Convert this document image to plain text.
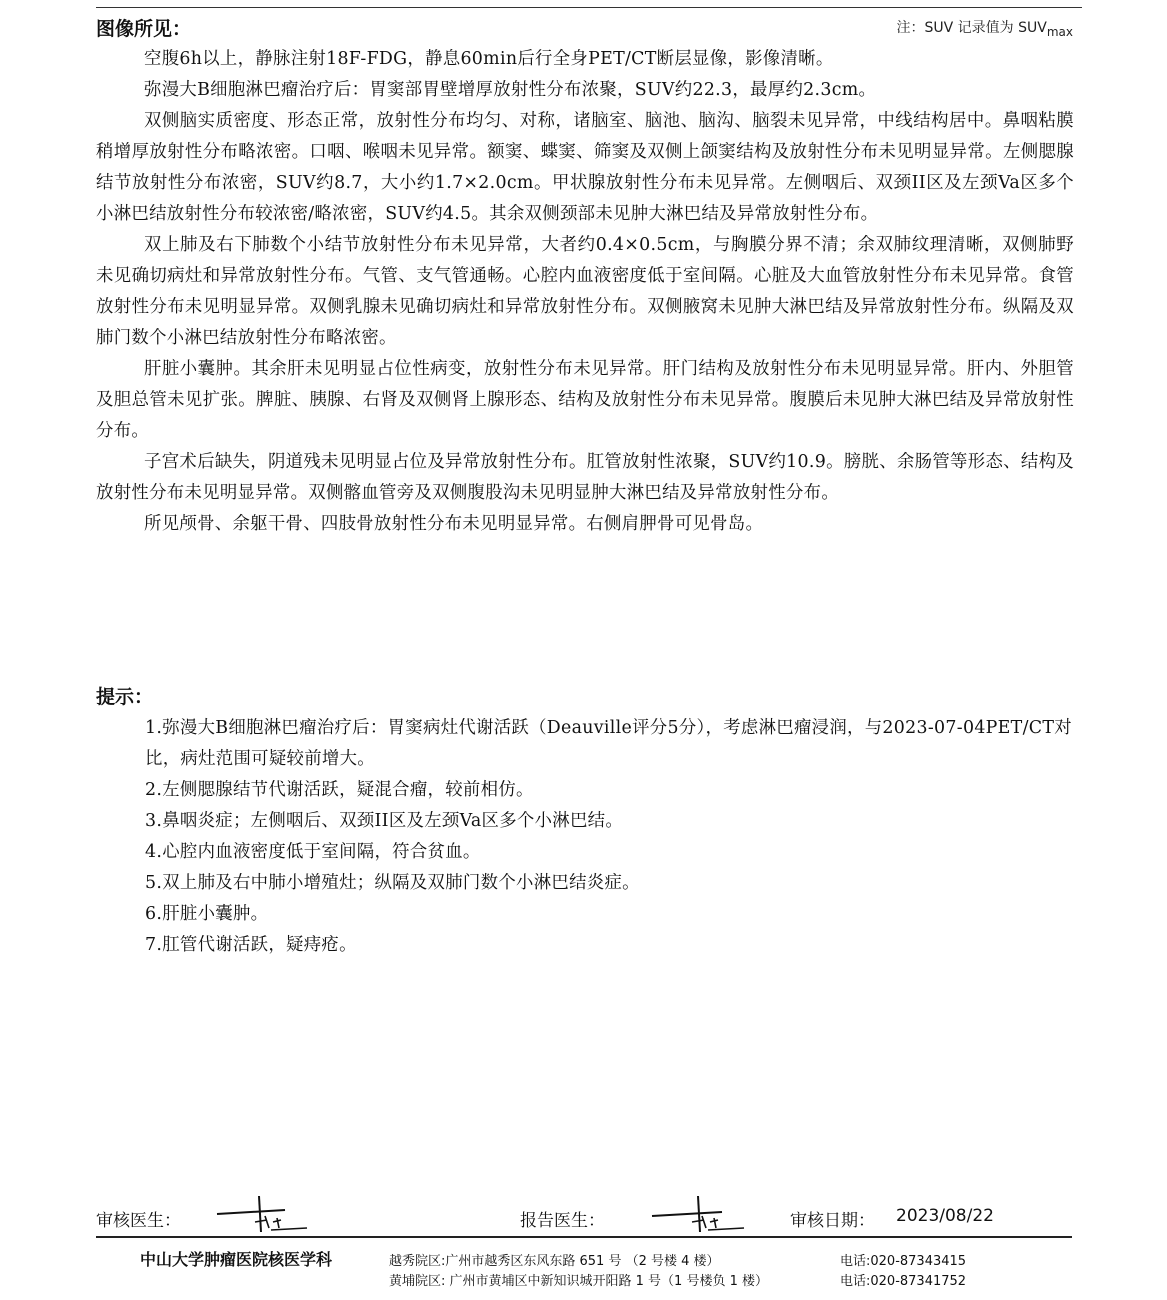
图像所见：	注：SUV 记录值为 $SUV_{max}$

空腹6h以上，静脉注射18F-FDG，静息60min后行全身PET/CT断层显像，影像清晰。

弥漫大B细胞淋巴瘤治疗后：胃窦部胃壁增厚放射性分布浓聚，SUV约22.3，最厚约2.3cm。

双侧脑实质密度、形态正常，放射性分布均匀、对称，诸脑室、脑池、脑沟、脑裂未见异常，中线结构居中。鼻咽粘膜稍增厚放射性分布略浓密。口咽、喉咽未见异常。额窦、蝶窦、筛窦及双侧上颌窦结构及放射性分布未见明显异常。左侧腮腺结节放射性分布浓密，SUV约8.7，大小约1.7×2.0cm。甲状腺放射性分布未见异常。左侧咽后、双颈II区及左颈Va区多个小淋巴结放射性分布较浓密/略浓密，SUV约4.5。其余双侧颈部未见肿大淋巴结及异常放射性分布。

双上肺及右下肺数个小结节放射性分布未见异常，大者约0.4×0.5cm，与胸膜分界不清；余双肺纹理清晰，双侧肺野未见确切病灶和异常放射性分布。气管、支气管通畅。心腔内血液密度低于室间隔。心脏及大血管放射性分布未见异常。食管放射性分布未见明显异常。双侧乳腺未见确切病灶和异常放射性分布。双侧腋窝未见肿大淋巴结及异常放射性分布。纵隔及双肺门数个小淋巴结放射性分布略浓密。

肝脏小囊肿。其余肝未见明显占位性病变，放射性分布未见异常。肝门结构及放射性分布未见明显异常。肝内、外胆管及胆总管未见扩张。脾脏、胰腺、右肾及双侧肾上腺形态、结构及放射性分布未见异常。腹膜后未见肿大淋巴结及异常放射性分布。

子宫术后缺失，阴道残未见明显占位及异常放射性分布。肛管放射性浓聚，SUV约10.9。膀胱、余肠管等形态、结构及放射性分布未见明显异常。双侧髂血管旁及双侧腹股沟未见明显肿大淋巴结及异常放射性分布。

所见颅骨、余躯干骨、四肢骨放射性分布未见明显异常。右侧肩胛骨可见骨岛。

提示：

1.弥漫大B细胞淋巴瘤治疗后：胃窦病灶代谢活跃（Deauville评分5分），考虑淋巴瘤浸润，与2023-07-04PET/CT对比，病灶范围可疑较前增大。

2.左侧腮腺结节代谢活跃，疑混合瘤，较前相仿。

3.鼻咽炎症；左侧咽后、双颈II区及左颈Va区多个小淋巴结。

4.心腔内血液密度低于室间隔，符合贫血。

5.双上肺及右中肺小增殖灶；纵隔及双肺门数个小淋巴结炎症。

6.肝脏小囊肿。

7.肛管代谢活跃，疑痔疮。

审核医生：	报告医生：	审核日期： 2023/08/22
中山大学肿瘤医院核医学科	越秀院区:广州市越秀区东风东路 651 号 （2 号楼 4 楼）	电话:020-87343415
黄埔院区: 广州市黄埔区中新知识城开阳路 1 号（1 号楼负 1 楼）	电话:020-87341752
